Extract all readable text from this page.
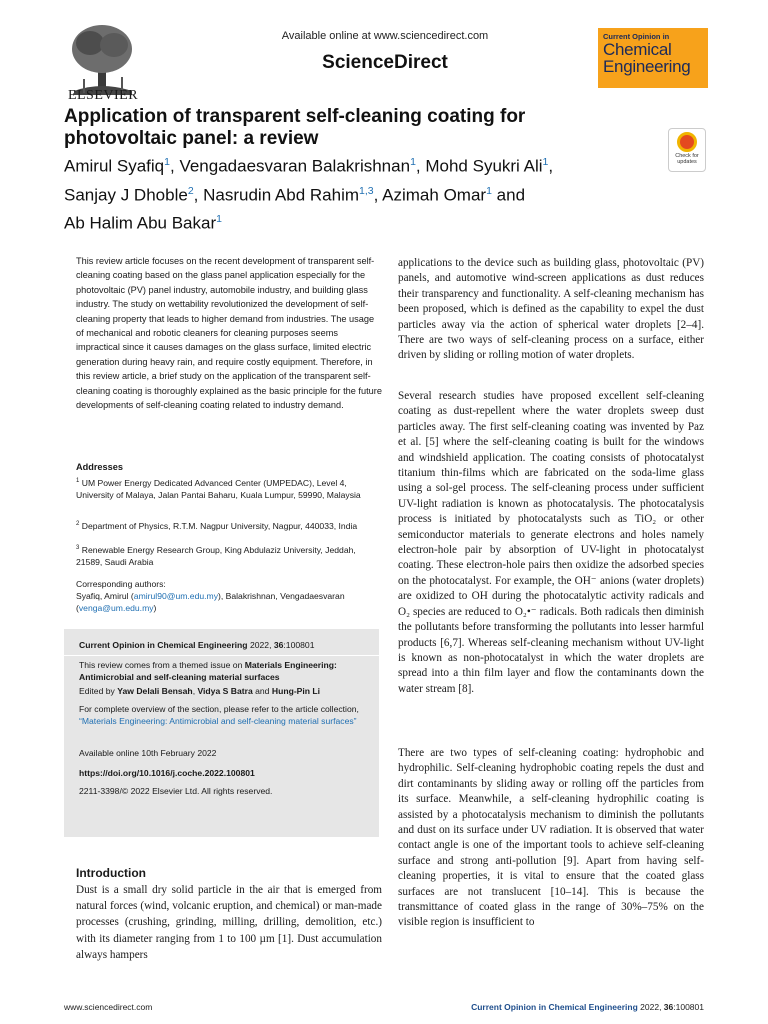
ELSEVIER
Available online at www.sciencedirect.com
ScienceDirect
Current Opinion in
Chemical
Engineering
Application of transparent self-cleaning coating for
photovoltaic panel: a review
Check for
updates
Amirul Syafiq$^1$, Vengadaesvaran Balakrishnan$^1$, Mohd Syukri Ali$^1$,
Sanjay J Dhoble$^2$, Nasrudin Abd Rahim$^{1,3}$, Azimah Omar$^1$ and
Ab Halim Abu Bakar$^1$
This review article focuses on the recent development of transparent self-cleaning coating based on the glass panel application especially for the photovoltaic (PV) panel industry, automobile industry, and building glass industry. The study on wettability revolutionized the development of self-cleaning property that leads to higher demand from industries. The usage of mechanical and robotic cleaners for cleaning purposes seems impractical since it causes damages on the glass surface, limited electric generation during heavy rain, and require costly equipment. Therefore, in this review article, a brief study on the application of the transparent self-cleaning coating is thoroughly explained as the basic principle for the future developments of self-cleaning coating related to industry demand.
Addresses
$^1$ UM Power Energy Dedicated Advanced Center (UMPEDAC), Level 4, University of Malaya, Jalan Pantai Baharu, Kuala Lumpur, 59990, Malaysia
$^2$ Department of Physics, R.T.M. Nagpur University, Nagpur, 440033, India
$^3$ Renewable Energy Research Group, King Abdulaziz University, Jeddah, 21589, Saudi Arabia
Corresponding authors:
Syafiq, Amirul (amirul90@um.edu.my), Balakrishnan, Vengadaesvaran
(venga@um.edu.my)
Current Opinion in Chemical Engineering 2022, 36:100801
This review comes from a themed issue on Materials Engineering: Antimicrobial and self-cleaning material surfaces
Edited by Yaw Delali Bensah, Vidya S Batra and Hung-Pin Li
For complete overview of the section, please refer to the article collection, “Materials Engineering: Antimicrobial and self-cleaning material surfaces”
Available online 10th February 2022
https://doi.org/10.1016/j.coche.2022.100801
2211-3398/© 2022 Elsevier Ltd. All rights reserved.
Introduction
Dust is a small dry solid particle in the air that is emerged from natural forces (wind, volcanic eruption, and chemical) or man-made processes (crushing, grinding, milling, drilling, demolition, etc.) with its diameter ranging from 1 to 100 µm [1]. Dust accumulation always hampers
applications to the device such as building glass, photovoltaic (PV) panels, and automotive wind-screen applications as dust reduces their transparency and functionality. A self-cleaning mechanism has been proposed, which is defined as the capability to expel the dust particles away via the action of spherical water droplets [2–4]. There are two ways of self-cleaning process on a surface, either driven by sliding or rolling motion of water droplets.
Several research studies have proposed excellent self-cleaning coating as dust-repellent where the water droplets sweep dust particles away. The first self-cleaning coating was invented by Paz et al. [5] where the self-cleaning coating is built for the windows and windshield application. The coating consists of photocatalyst titanium thin-films which are fabricated on the soda-lime glass using a sol-gel process. The self-cleaning process under sufficient UV-light radiation is known as photocatalysis. The photocatalysis process is initiated by photocatalysts such as TiO₂ or other semiconductor materials to generate electrons and holes namely electron-hole pair by absorption of UV-light in photocatalyst coating. These electron-hole pairs then oxidize the adsorbed species on the photocatalyst. For example, the OH⁻ anions (water droplets) are oxidized to OH during the photocatalytic activity radicals and O₂ species are reduced to O₂•⁻ radicals. Both radicals then diminish the pollutants before transforming the pollutants into lesser harmful products [6,7]. Whereas self-cleaning mechanism without UV-light is known as non-photocatalyst in which the water droplets are spread into a thin film layer and flow the contaminants down the water stream [8].
There are two types of self-cleaning coating: hydrophobic and hydrophilic. Self-cleaning hydrophobic coating repels the dust and dirt contaminants by sliding away or rolling off the particles from its surface. Meanwhile, a self-cleaning hydrophilic coating is assisted by a photocatalysis mechanism to diminish the pollutants and dust on its surface under UV radiation. It is observed that water contact angle is one of the important tools to achieve self-cleaning surface and strong anti-pollution [9]. Apart from having self-cleaning properties, it is vital to ensure that the coated glass surfaces are not translucent [10–14]. This is because the transmittance of coated glass in the range of 30%–75% on the visible region is insufficient to
www.sciencedirect.com	Current Opinion in Chemical Engineering 2022, 36:100801
